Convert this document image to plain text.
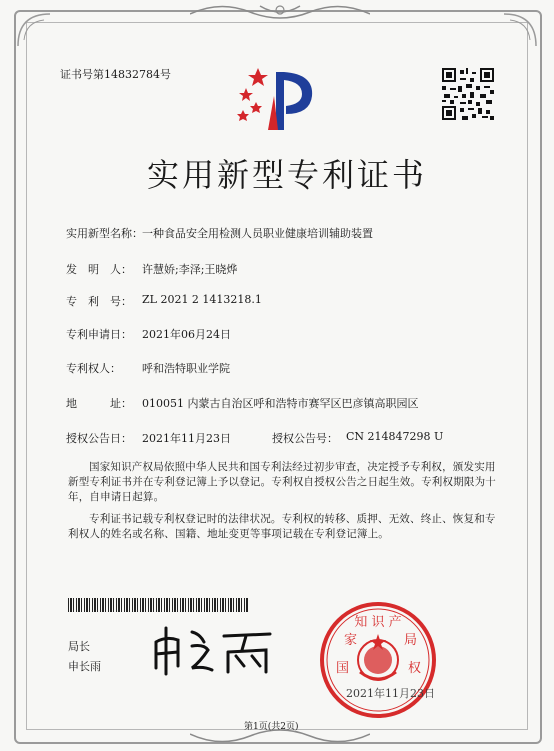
证书号第14832784号
实用新型专利证书
实用新型名称： 一种食品安全用检测人员职业健康培训辅助装置
发　明　人： 许慧娇;李泽;王晓烨
专　利　号： ZL 2021 2 1413218.1
专利申请日： 2021年06月24日
专利权人： 呼和浩特职业学院
地　　　址： 010051 内蒙古自治区呼和浩特市赛罕区巴彦镇高职园区
授权公告日： 2021年11月23日	授权公告号： CN 214847298 U
国家知识产权局依照中华人民共和国专利法经过初步审查，决定授予专利权，颁发实用新型专利证书并在专利登记簿上予以登记。专利权自授权公告之日起生效。专利权期限为十年，自申请日起算。
专利证书记载专利权登记时的法律状况。专利权的转移、质押、无效、终止、恢复和专利权人的姓名或名称、国籍、地址变更等事项记载在专利登记簿上。
局长
申长雨
知 识 产
国	权
家	局
2021年11月23日
第1页(共2页)
